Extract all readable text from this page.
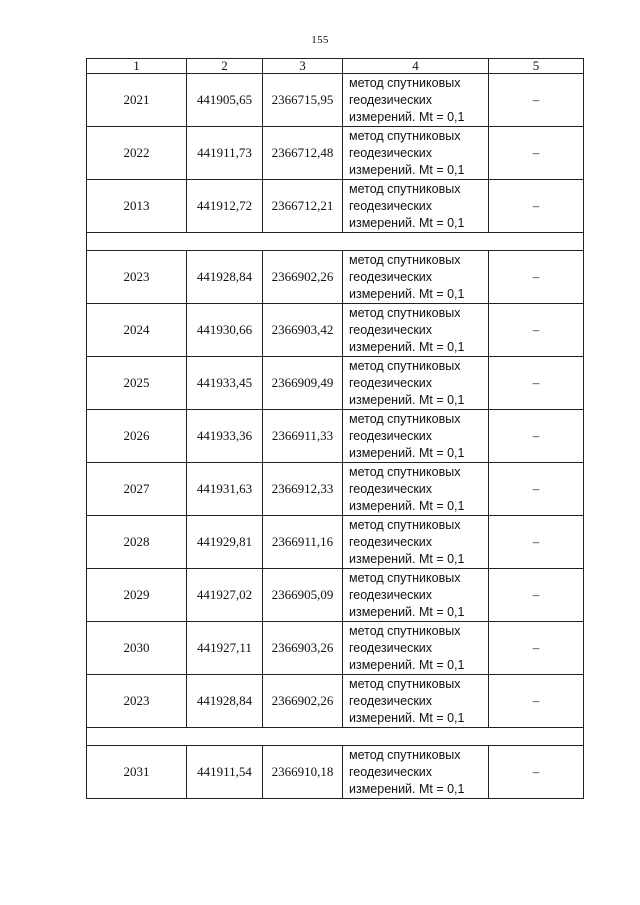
155
1	2	3	4	5
2021	441905,65	2366715,95	метод спутниковых
геодезических
измерений. Mt = 0,1	–
2022	441911,73	2366712,48	метод спутниковых
геодезических
измерений. Mt = 0,1	–
2013	441912,72	2366712,21	метод спутниковых
геодезических
измерений. Mt = 0,1	–

2023	441928,84	2366902,26	метод спутниковых
геодезических
измерений. Mt = 0,1	–
2024	441930,66	2366903,42	метод спутниковых
геодезических
измерений. Mt = 0,1	–
2025	441933,45	2366909,49	метод спутниковых
геодезических
измерений. Mt = 0,1	–
2026	441933,36	2366911,33	метод спутниковых
геодезических
измерений. Mt = 0,1	–
2027	441931,63	2366912,33	метод спутниковых
геодезических
измерений. Mt = 0,1	–
2028	441929,81	2366911,16	метод спутниковых
геодезических
измерений. Mt = 0,1	–
2029	441927,02	2366905,09	метод спутниковых
геодезических
измерений. Mt = 0,1	–
2030	441927,11	2366903,26	метод спутниковых
геодезических
измерений. Mt = 0,1	–
2023	441928,84	2366902,26	метод спутниковых
геодезических
измерений. Mt = 0,1	–

2031	441911,54	2366910,18	метод спутниковых
геодезических
измерений. Mt = 0,1	–
